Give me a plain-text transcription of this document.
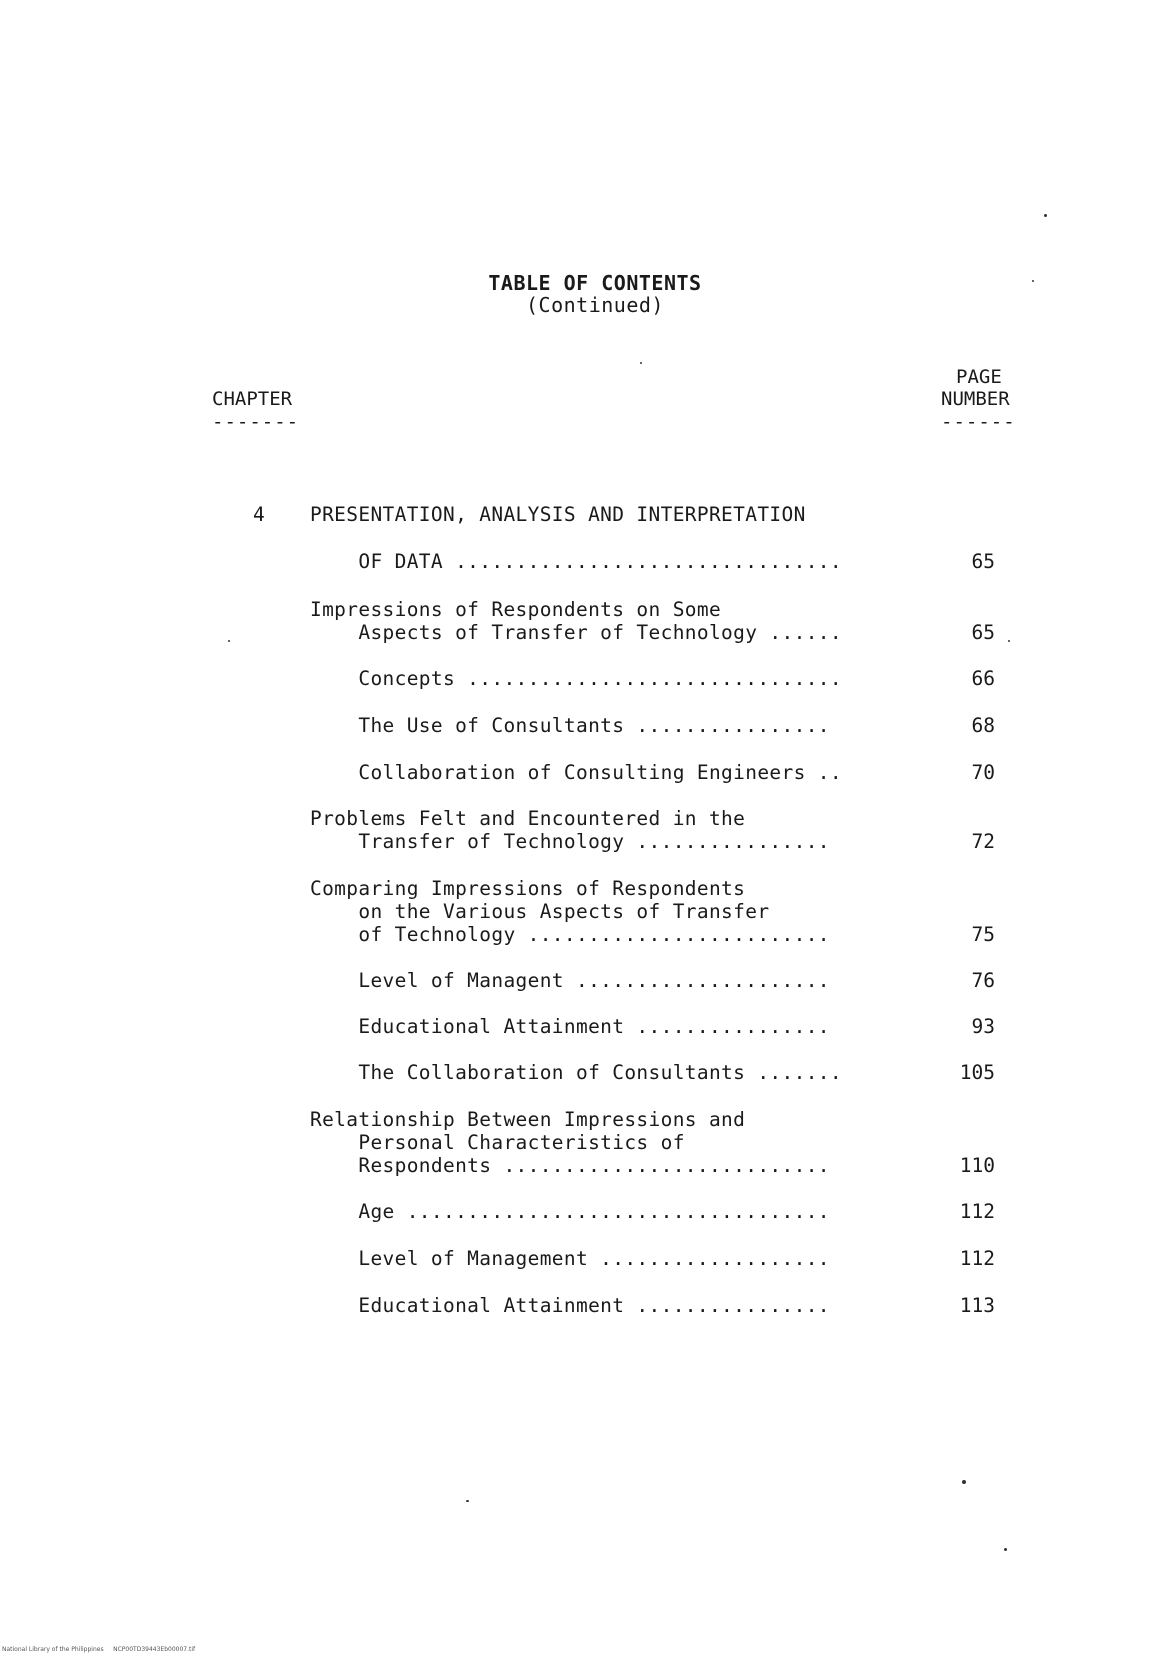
TABLE OF CONTENTS
(Continued)
PAGE
NUMBER
CHAPTER
-------	------
4 PRESENTATION, ANALYSIS AND INTERPRETATION
OF DATA ................................	65
Impressions of Respondents on Some
Aspects of Transfer of Technology ......	65
Concepts ...............................	66
The Use of Consultants ................	68
Collaboration of Consulting Engineers ..	70
Problems Felt and Encountered in the
Transfer of Technology ................	72
Comparing Impressions of Respondents
on the Various Aspects of Transfer
of Technology .........................	75
Level of Managent .....................	76
Educational Attainment ................	93
The Collaboration of Consultants .......	105
Relationship Between Impressions and
Personal Characteristics of
Respondents ...........................	110
Age ...................................	112
Level of Management ...................	112
Educational Attainment ................	113
National Library of the Philippines     NCP00TD39443Eb00007.tif
